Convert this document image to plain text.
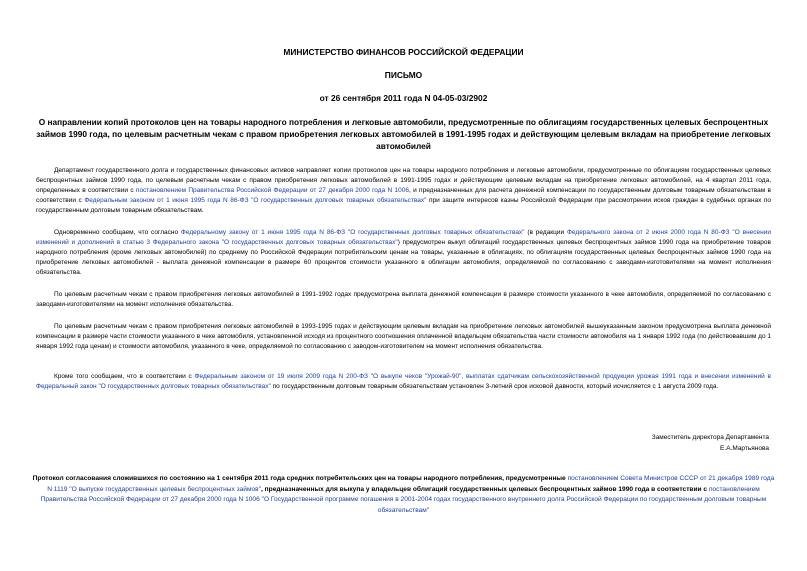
МИНИСТЕРСТВО ФИНАНСОВ РОССИЙСКОЙ ФЕДЕРАЦИИ
ПИСЬМО
от 26 сентября 2011 года N 04-05-03/2902
О направлении копий протоколов цен на товары народного потребления и легковые автомобили, предусмотренные по облигациям государственных целевых беспроцентных займов 1990 года, по целевым расчетным чекам с правом приобретения легковых автомобилей в 1991-1995 годах и действующим целевым вкладам на приобретение легковых автомобилей
Департамент государственного долга и государственных финансовых активов направляет копии протоколов цен на товары народного потребления и легковые автомобили, предусмотренные по облигациям государственных целевых беспроцентных займов 1990 года, по целевым расчетным чекам с правом приобретения легковых автомобилей в 1991-1995 годах и действующим целевым вкладам на приобретение легковых автомобилей, на 4 квартал 2011 года, определенных в соответствии с постановлением Правительства Российской Федерации от 27 декабря 2000 года N 1006, и предназначенных для расчета денежной компенсации по государственным долговым товарным обязательствам в соответствии с Федеральным законом от 1 июня 1995 года N 86-ФЗ "О государственных долговых товарных обязательствах" при защите интересов казны Российской Федерации при рассмотрении исков граждан в судебных органах по государственным долговым товарным обязательствам.
Одновременно сообщаем, что согласно Федеральному закону от 1 июня 1995 года N 86-ФЗ "О государственных долговых товарных обязательствах" (в редакции Федерального закона от 2 июня 2000 года N 80-ФЗ "О внесении изменений и дополнений в статью 3 Федерального закона "О государственных долговых товарных обязательствах") предусмотрен выкуп облигаций государственных целевых беспроцентных займов 1990 года на приобретение товаров народного потребления (кроме легковых автомобилей) по среднему по Российской Федерации потребительским ценам на товары, указанные в облигациях, по облигациям государственных целевых беспроцентных займов 1990 года на приобретение легковых автомобилей - выплата денежной компенсации в размере 60 процентов стоимости указанного в облигации автомобиля, определяемой по согласованию с заводами-изготовителями на момент исполнения обязательства.
По целевым расчетным чекам с правом приобретения легковых автомобилей в 1991-1992 годах предусмотрена выплата денежной компенсации в размере стоимости указанного в чеке автомобиля, определяемой по согласованию с заводами-изготовителями на момент исполнения обязательства.
По целевым расчетным чекам с правом приобретения легковых автомобилей в 1993-1995 годах и действующим целевым вкладам на приобретение легковых автомобилей вышеуказанным законом предусмотрена выплата денежной компенсации в размере части стоимости указанного в чеке автомобиля, установленной исходя из процентного соотношения оплаченной владельцем обязательства части стоимости автомобиля на 1 января 1992 года (по действовавшим до 1 января 1992 года ценам) и стоимости автомобиля, указанного в чеке, определяемой по согласованию с заводом-изготовителем на момент исполнения обязательства.
Кроме того сообщаем, что в соответствии с Федеральным законом от 19 июля 2009 года N 200-ФЗ "О выкупе чеков "Урожай-90", выплатах сдатчикам сельскохозяйственной продукции урожая 1991 года и внесении изменений в Федеральный закон "О государственных долговых товарных обязательствах" по государственным долговым товарным обязательствам установлен 3-летний срок исковой давности, который исчисляется с 1 августа 2009 года.
Заместитель директора Департамента
Е.А.Мартьянова
Протокол согласования сложившихся по состоянию на 1 сентября 2011 года средних потребительских цен на товары народного потребления, предусмотренные постановлением Совета Министров СССР от 21 декабря 1989 года N 1119 "О выпуске государственных целевых беспроцентных займов", предназначенных для выкупа у владельцев облигаций государственных целевых беспроцентных займов 1990 года в соответствии с постановлением Правительства Российской Федерации от 27 декабря 2000 года N 1006 "О Государственной программе погашения в 2001-2004 годах государственного внутреннего долга Российской Федерации по государственным долговым товарным обязательствам"
